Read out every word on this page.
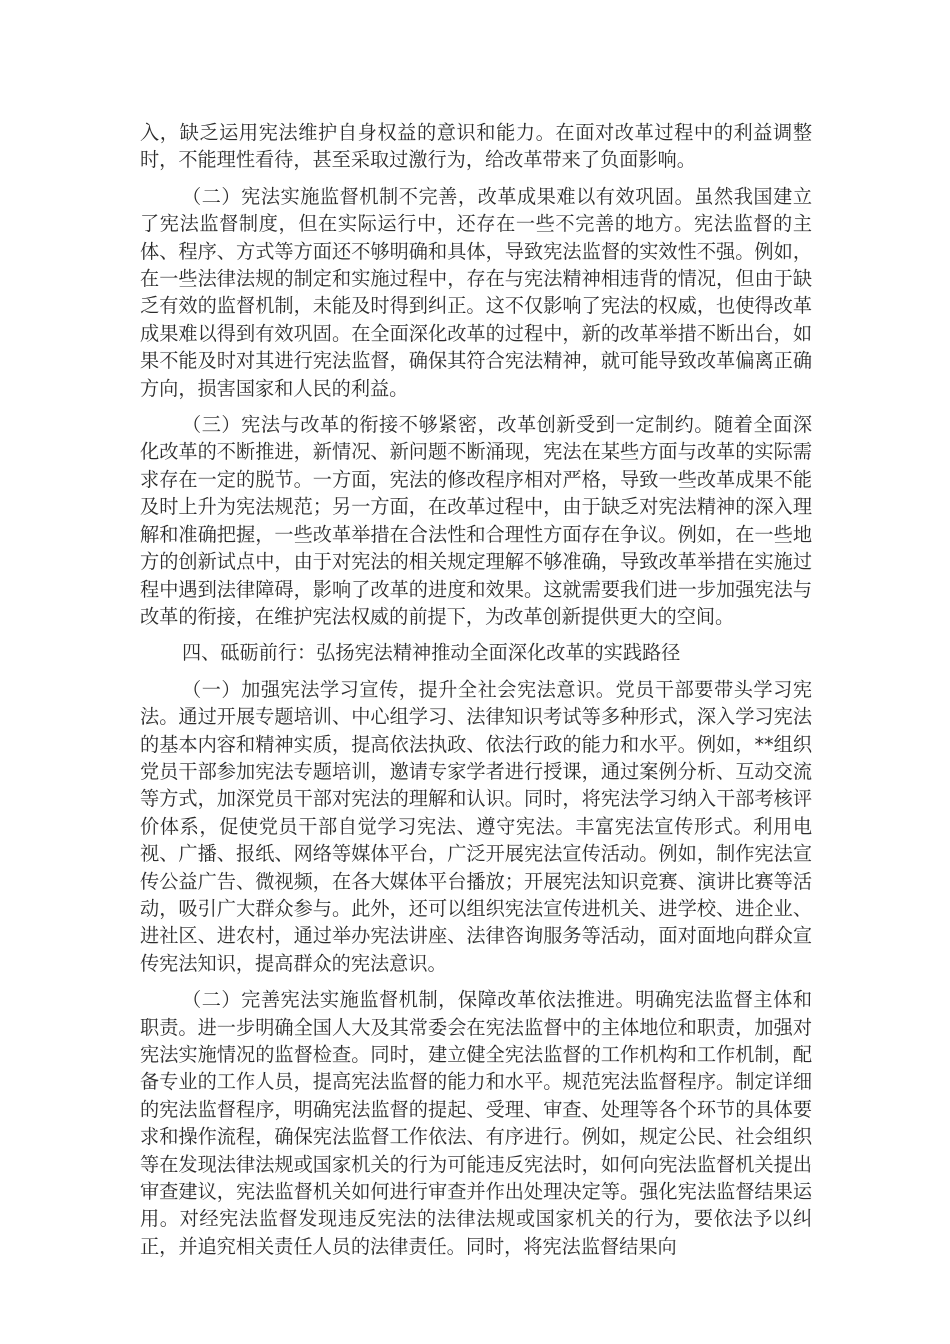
入，缺乏运用宪法维护自身权益的意识和能力。在面对改革过程中的利益调整时，不能理性看待，甚至采取过激行为，给改革带来了负面影响。

（二）宪法实施监督机制不完善，改革成果难以有效巩固。虽然我国建立了宪法监督制度，但在实际运行中，还存在一些不完善的地方。宪法监督的主体、程序、方式等方面还不够明确和具体，导致宪法监督的实效性不强。例如，在一些法律法规的制定和实施过程中，存在与宪法精神相违背的情况，但由于缺乏有效的监督机制，未能及时得到纠正。这不仅影响了宪法的权威，也使得改革成果难以得到有效巩固。在全面深化改革的过程中，新的改革举措不断出台，如果不能及时对其进行宪法监督，确保其符合宪法精神，就可能导致改革偏离正确方向，损害国家和人民的利益。

（三）宪法与改革的衔接不够紧密，改革创新受到一定制约。随着全面深化改革的不断推进，新情况、新问题不断涌现，宪法在某些方面与改革的实际需求存在一定的脱节。一方面，宪法的修改程序相对严格，导致一些改革成果不能及时上升为宪法规范；另一方面，在改革过程中，由于缺乏对宪法精神的深入理解和准确把握，一些改革举措在合法性和合理性方面存在争议。例如，在一些地方的创新试点中，由于对宪法的相关规定理解不够准确，导致改革举措在实施过程中遇到法律障碍，影响了改革的进度和效果。这就需要我们进一步加强宪法与改革的衔接，在维护宪法权威的前提下，为改革创新提供更大的空间。

四、砥砺前行：弘扬宪法精神推动全面深化改革的实践路径

（一）加强宪法学习宣传，提升全社会宪法意识。党员干部要带头学习宪法。通过开展专题培训、中心组学习、法律知识考试等多种形式，深入学习宪法的基本内容和精神实质，提高依法执政、依法行政的能力和水平。例如，**组织党员干部参加宪法专题培训，邀请专家学者进行授课，通过案例分析、互动交流等方式，加深党员干部对宪法的理解和认识。同时，将宪法学习纳入干部考核评价体系，促使党员干部自觉学习宪法、遵守宪法。丰富宪法宣传形式。利用电视、广播、报纸、网络等媒体平台，广泛开展宪法宣传活动。例如，制作宪法宣传公益广告、微视频，在各大媒体平台播放；开展宪法知识竞赛、演讲比赛等活动，吸引广大群众参与。此外，还可以组织宪法宣传进机关、进学校、进企业、进社区、进农村，通过举办宪法讲座、法律咨询服务等活动，面对面地向群众宣传宪法知识，提高群众的宪法意识。

（二）完善宪法实施监督机制，保障改革依法推进。明确宪法监督主体和职责。进一步明确全国人大及其常委会在宪法监督中的主体地位和职责，加强对宪法实施情况的监督检查。同时，建立健全宪法监督的工作机构和工作机制，配备专业的工作人员，提高宪法监督的能力和水平。规范宪法监督程序。制定详细的宪法监督程序，明确宪法监督的提起、受理、审查、处理等各个环节的具体要求和操作流程，确保宪法监督工作依法、有序进行。例如，规定公民、社会组织等在发现法律法规或国家机关的行为可能违反宪法时，如何向宪法监督机关提出审查建议，宪法监督机关如何进行审查并作出处理决定等。强化宪法监督结果运用。对经宪法监督发现违反宪法的法律法规或国家机关的行为，要依法予以纠正，并追究相关责任人员的法律责任。同时，将宪法监督结果向
